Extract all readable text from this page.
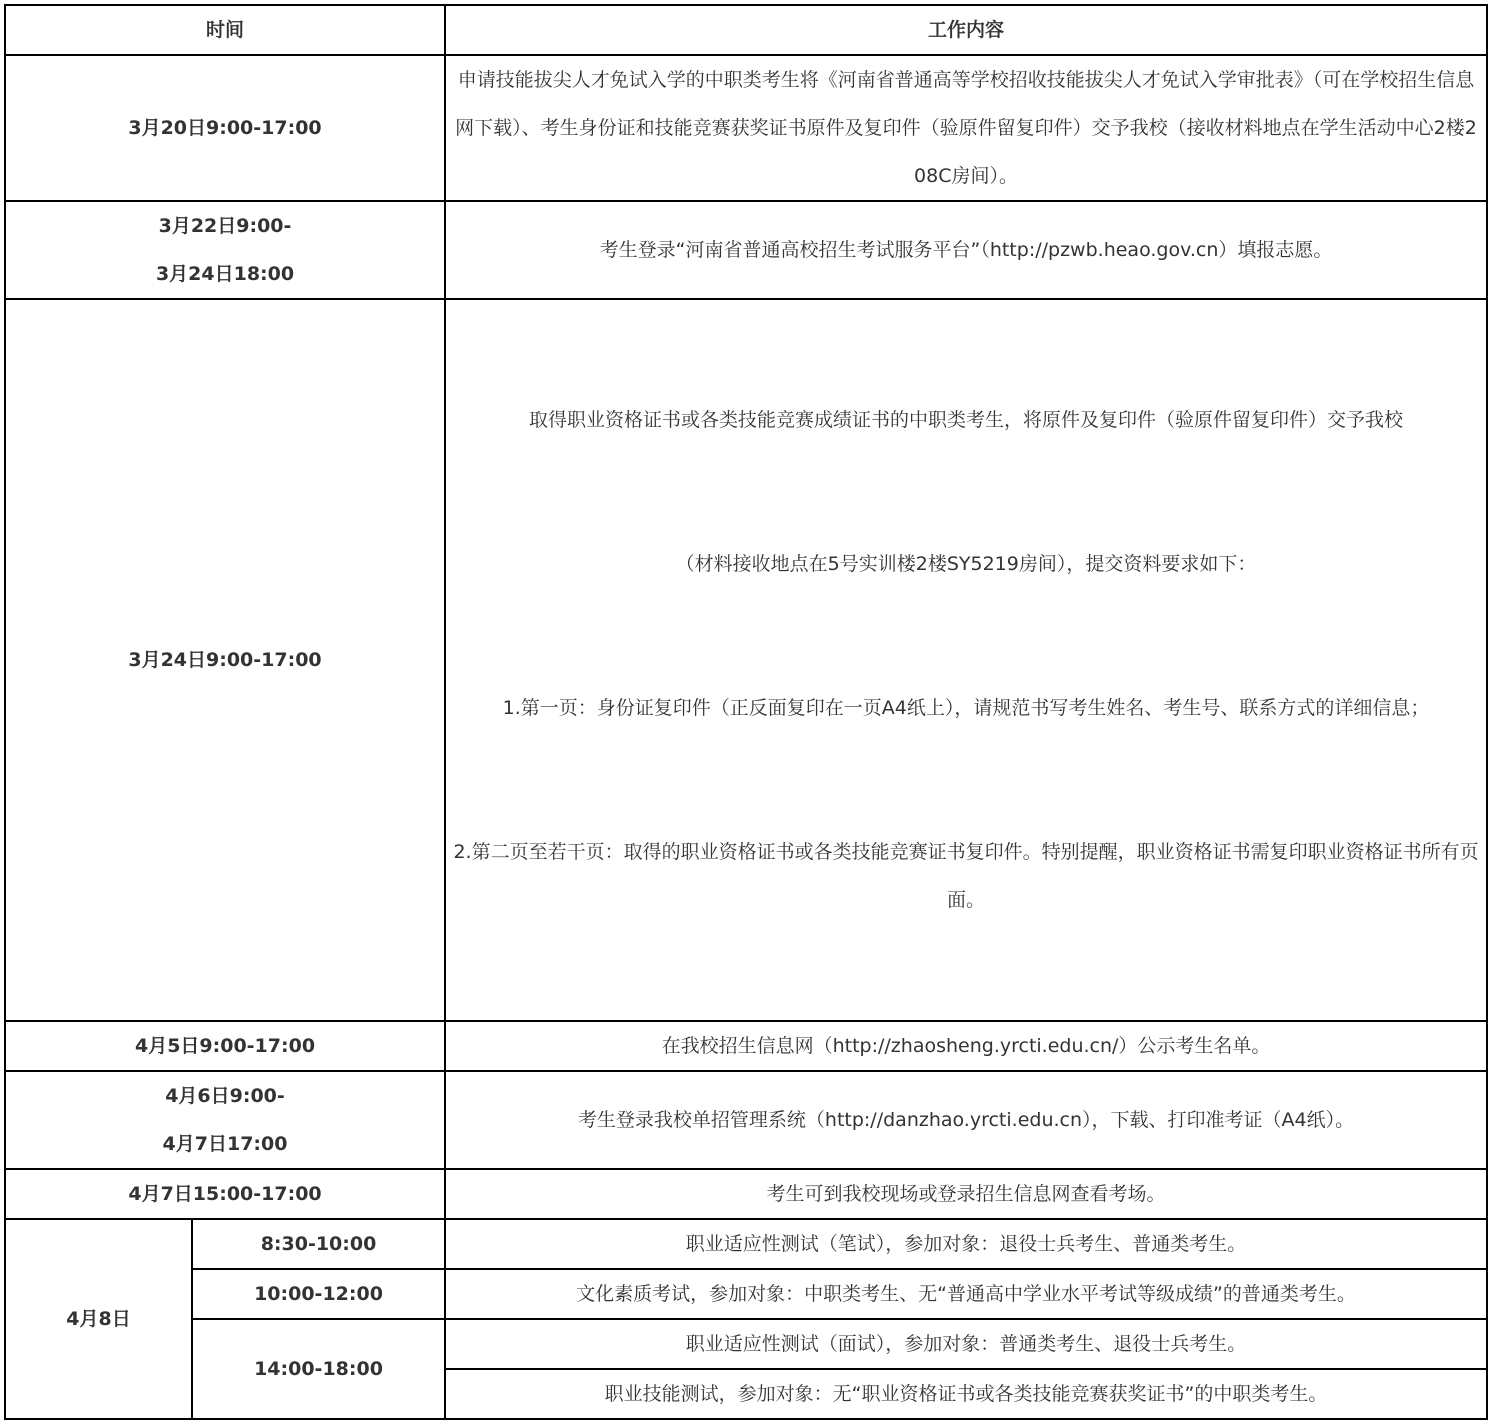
时间		工作内容
3月20日9:00-17:00		申请技能拔尖人才免试入学的中职类考生将《河南省普通高等学校招收技能拔尖人才免试入学审批表》（可在学校招生信息网下载）、考生身份证和技能竞赛获奖证书原件及复印件（验原件留复印件）交予我校（接收材料地点在学生活动中心2楼208C房间）。

3月22日9:00-
3月24日18:00		考生登录“河南省普通高校招生考试服务平台”（http://pzwb.heao.gov.cn）填报志愿。
3月24日9:00-17:00		取得职业资格证书或各类技能竞赛成绩证书的中职类考生，将原件及复印件（验原件留复印件）交予我校

（材料接收地点在5号实训楼2楼SY5219房间），提交资料要求如下：

1.第一页：身份证复印件（正反面复印在一页A4纸上），请规范书写考生姓名、考生号、联系方式的详细信息；

2.第二页至若干页：取得的职业资格证书或各类技能竞赛证书复印件。特别提醒，职业资格证书需复印职业资格证书所有页面。

4月5日9:00-17:00		在我校招生信息网（http://zhaosheng.yrcti.edu.cn/）公示考生名单。

4月6日9:00-
4月7日17:00		考生登录我校单招管理系统（http://danzhao.yrcti.edu.cn），下载、打印准考证（A4纸）。
4月7日15:00-17:00		考生可到我校现场或登录招生信息网查看考场。
4月8日	8:30-10:00	职业适应性测试（笔试），参加对象：退役士兵考生、普通类考生。
	10:00-12:00	文化素质考试，参加对象：中职类考生、无“普通高中学业水平考试等级成绩”的普通类考生。
	14:00-18:00	职业适应性测试（面试），参加对象：普通类考生、退役士兵考生。
		职业技能测试，参加对象：无“职业资格证书或各类技能竞赛获奖证书”的中职类考生。
